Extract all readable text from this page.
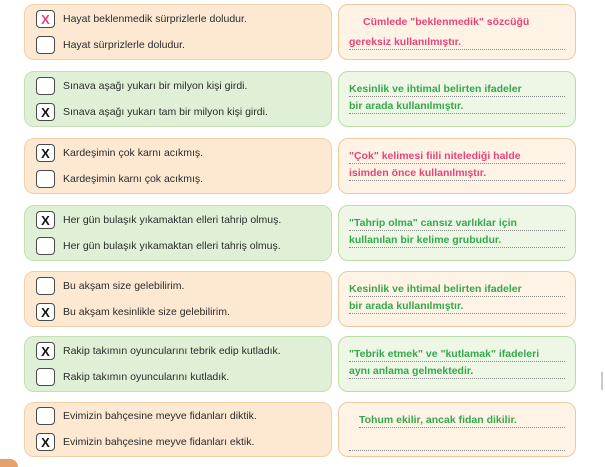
X	Hayat beklenmedik sürprizlerle doludur.
Hayat sürprizlerle doludur.
Cümlede "beklenmedik" sözcüğü
gereksiz kullanılmıştır.
Sınava aşağı yukarı bir milyon kişi girdi.
X	Sınava aşağı yukarı tam bir milyon kişi girdi.
Kesinlik ve ihtimal belirten ifadeler
bir arada kullanılmıştır.
X	Kardeşimin çok karnı acıkmış.
Kardeşimin karnı çok acıkmış.
"Çok" kelimesi fiili nitelediği halde
isimden önce kullanılmıştır.
X	Her gün bulaşık yıkamaktan elleri tahrip olmuş.
Her gün bulaşık yıkamaktan elleri tahriş olmuş.
"Tahrip olma" cansız varlıklar için
kullanılan bir kelime grubudur.
Bu akşam size gelebilirim.
X	Bu akşam kesinlikle size gelebilirim.
Kesinlik ve ihtimal belirten ifadeler
bir arada kullanılmıştır.
X	Rakip takımın oyuncularını tebrik edip kutladık.
Rakip takımın oyuncularını kutladık.
"Tebrik etmek" ve "kutlamak" ifadeleri
aynı anlama gelmektedir.
Evimizin bahçesine meyve fidanları diktik.
X	Evimizin bahçesine meyve fidanları ektik.
Tohum ekilir, ancak fidan dikilir.
